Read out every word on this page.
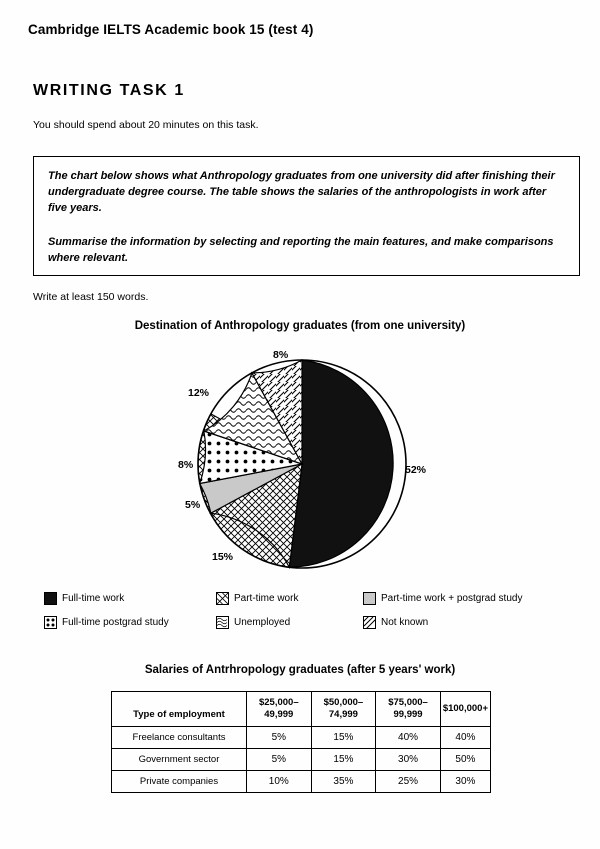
Cambridge IELTS Academic book 15 (test 4)
WRITING TASK 1
You should spend about 20 minutes on this task.

The chart below shows what Anthropology graduates from one university did after finishing their undergraduate degree course. The table shows the salaries of the anthropologists in work after five years.

Summarise the information by selecting and reporting the main features, and make comparisons where relevant.

Write at least 150 words.
Destination of Anthropology graduates (from one university)
8%
12%
8%
5%
15%
52%
Full-time work	Part-time work	Part-time work + postgrad study
Full-time postgrad study	Unemployed	Not known
Salaries of Antrhropology graduates (after 5 years' work)
Type of employment	$25,000– 49,999	$50,000– 74,999	$75,000– 99,999	$100,000+
Freelance consultants	5%	15%	40%	40%
Government sector	5%	15%	30%	50%
Private companies	10%	35%	25%	30%
